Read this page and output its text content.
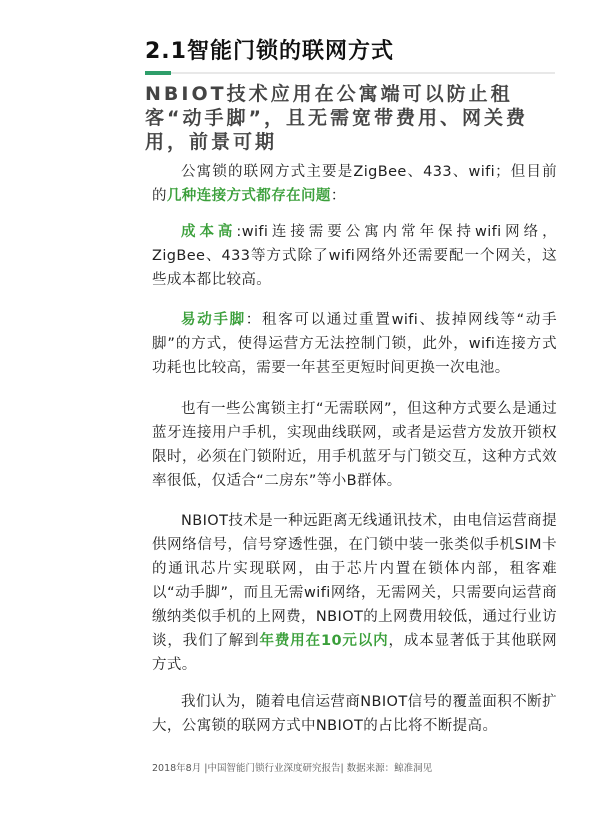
2.1智能门锁的联网方式
NBIOT技术应用在公寓端可以防止租客“动手脚”，且无需宽带费用、网关费用，前景可期
公寓锁的联网方式主要是ZigBee、433、wifi；但目前的几种连接方式都存在问题：
成本高:wifi连接需要公寓内常年保持wifi网络，ZigBee、433等方式除了wifi网络外还需要配一个网关，这些成本都比较高。
易动手脚：租客可以通过重置wifi、拔掉网线等“动手脚”的方式，使得运营方无法控制门锁，此外，wifi连接方式功耗也比较高，需要一年甚至更短时间更换一次电池。
也有一些公寓锁主打“无需联网”，但这种方式要么是通过蓝牙连接用户手机，实现曲线联网，或者是运营方发放开锁权限时，必须在门锁附近，用手机蓝牙与门锁交互，这种方式效率很低，仅适合“二房东”等小B群体。
NBIOT技术是一种远距离无线通讯技术，由电信运营商提供网络信号，信号穿透性强，在门锁中装一张类似手机SIM卡的通讯芯片实现联网，由于芯片内置在锁体内部，租客难以“动手脚”，而且无需wifi网络，无需网关，只需要向运营商缴纳类似手机的上网费，NBIOT的上网费用较低，通过行业访谈，我们了解到年费用在10元以内，成本显著低于其他联网方式。
我们认为，随着电信运营商NBIOT信号的覆盖面积不断扩大，公寓锁的联网方式中NBIOT的占比将不断提高。
2018年8月 |中国智能门锁行业深度研究报告| 数据来源：鲸准洞见
